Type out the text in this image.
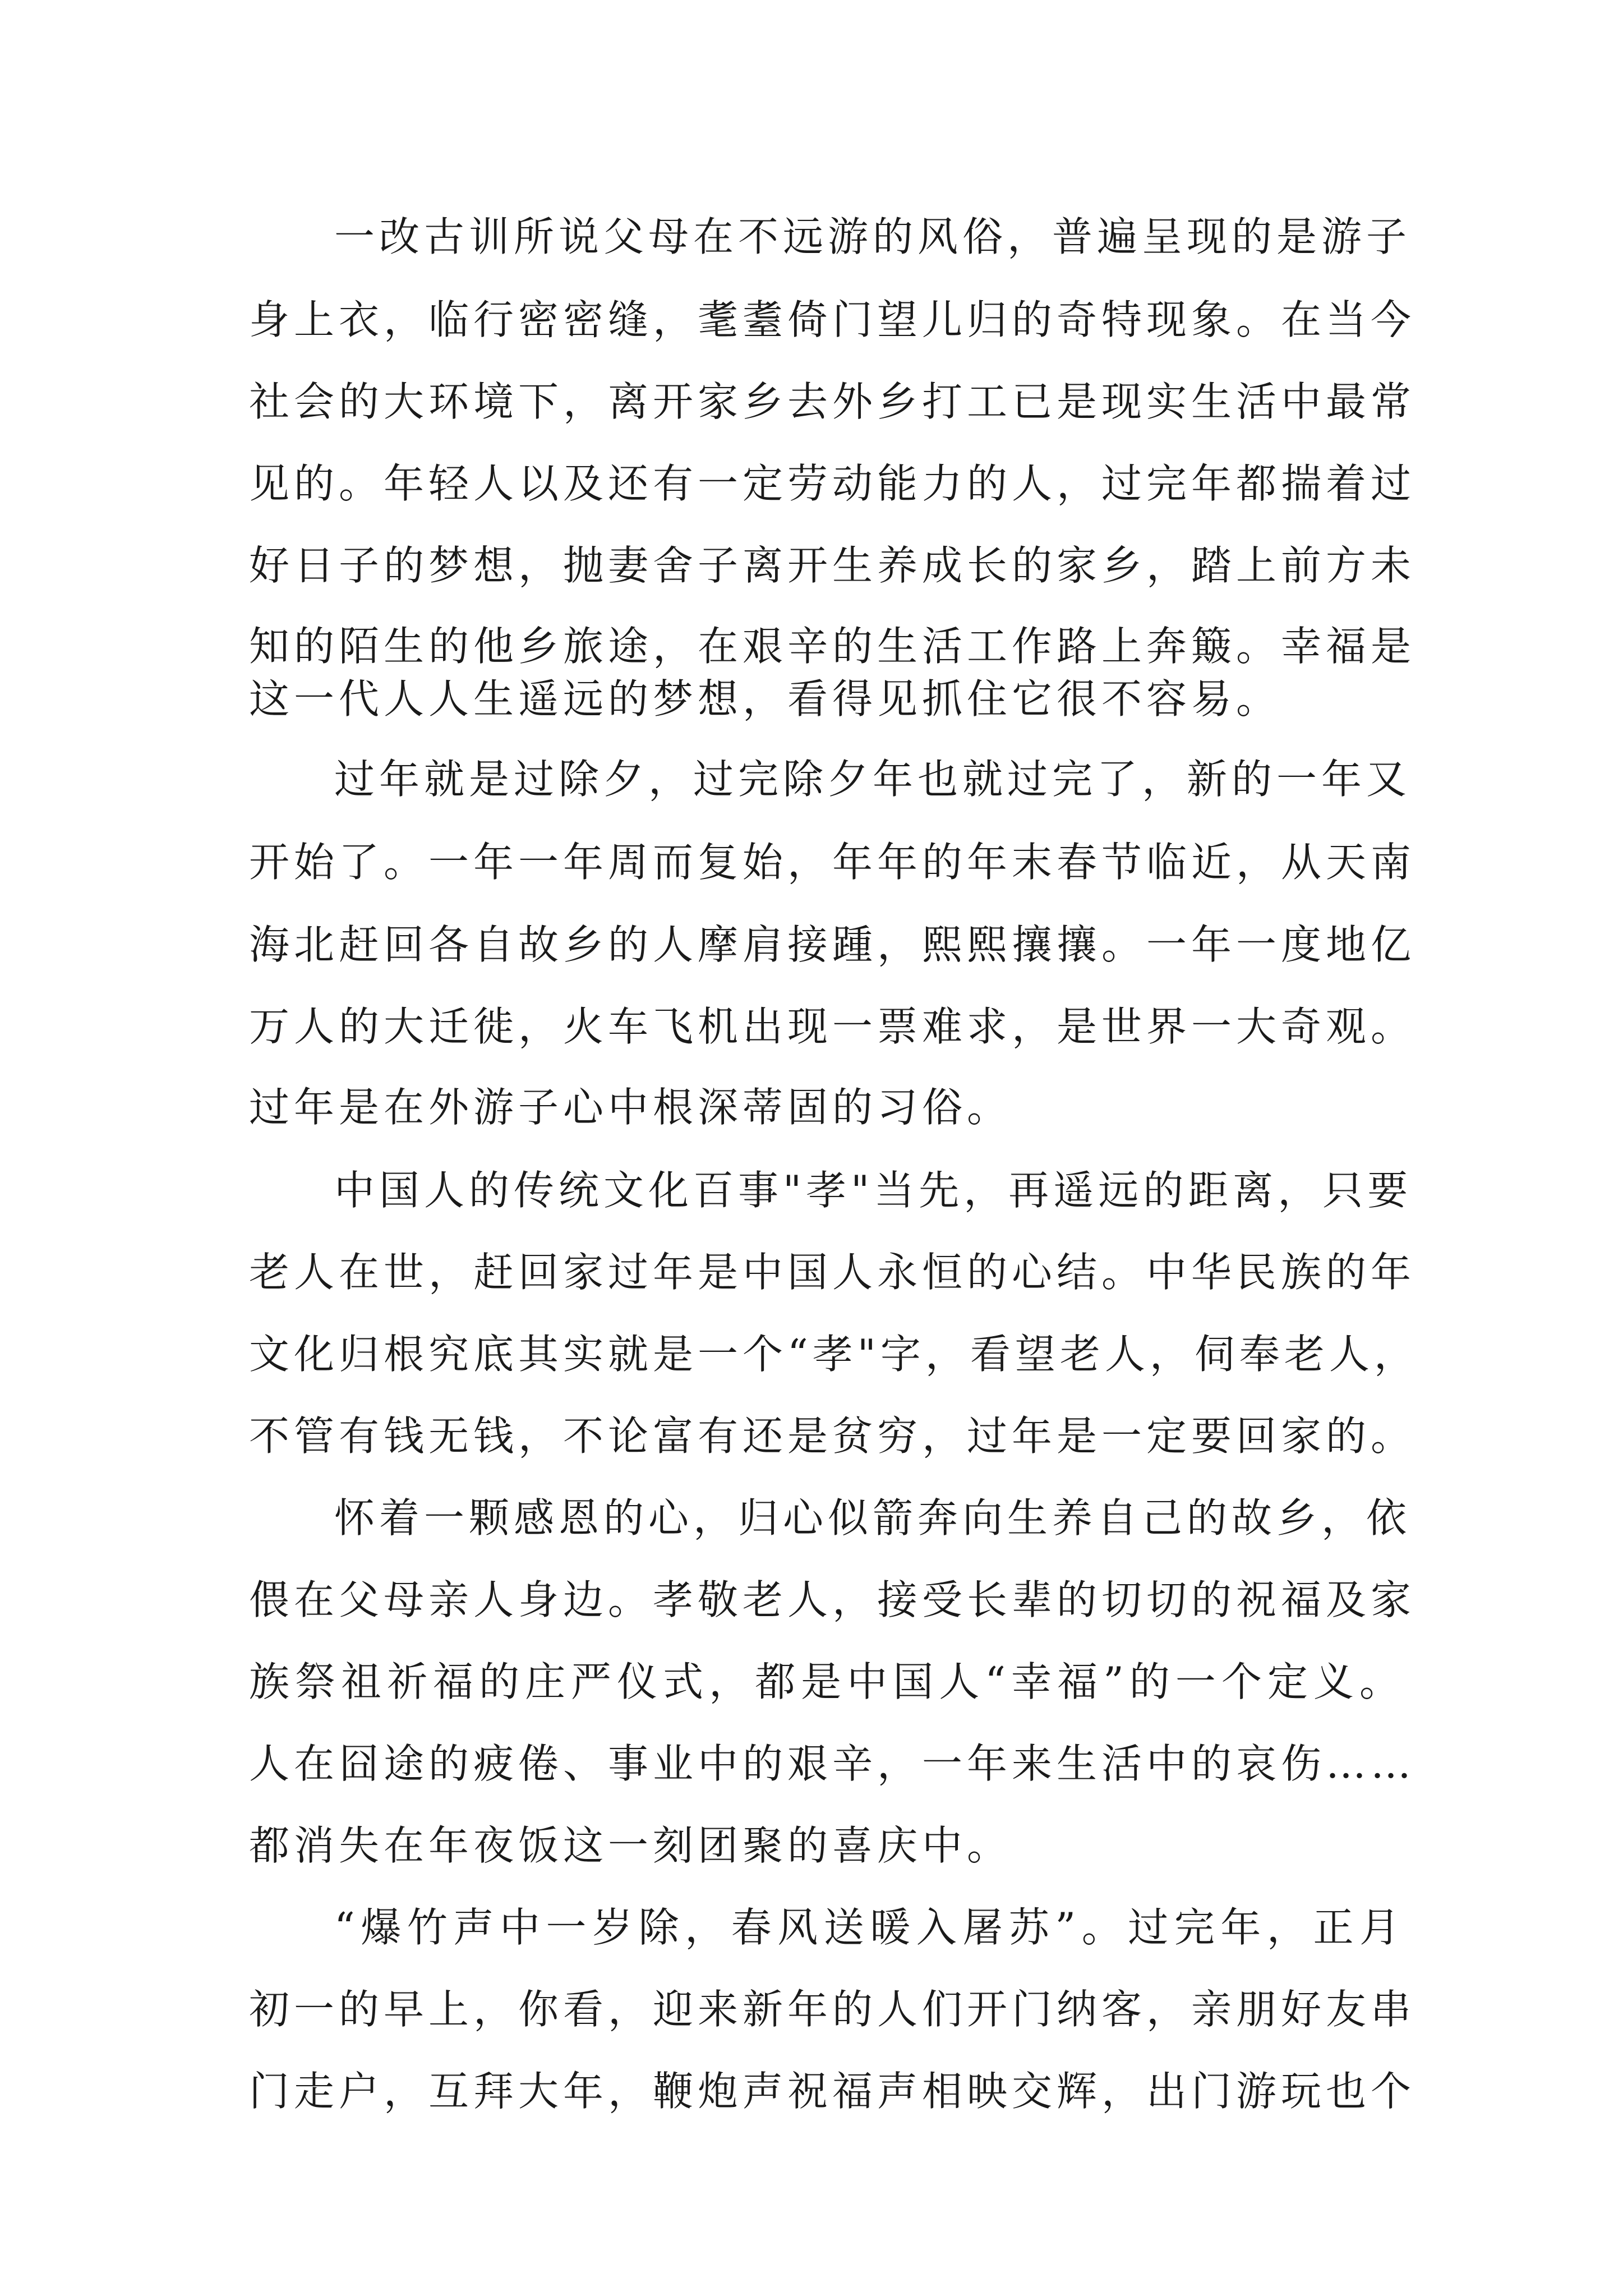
一改古训所说父母在不远游的风俗，普遍呈现的是游子
身上衣，临行密密缝，耄耋倚门望儿归的奇特现象。在当今
社会的大环境下，离开家乡去外乡打工已是现实生活中最常
见的。年轻人以及还有一定劳动能力的人，过完年都揣着过
好日子的梦想，抛妻舍子离开生养成长的家乡，踏上前方未
知的陌生的他乡旅途，在艰辛的生活工作路上奔簸。幸福是
这一代人人生遥远的梦想，看得见抓住它很不容易。
过年就是过除夕，过完除夕年也就过完了，新的一年又
开始了。一年一年周而复始，年年的年末春节临近，从天南
海北赶回各自故乡的人摩肩接踵，熙熙攘攘。一年一度地亿
万人的大迁徙，火车飞机出现一票难求，是世界一大奇观。
过年是在外游子心中根深蒂固的习俗。
中国人的传统文化百事"孝"当先，再遥远的距离，只要
老人在世，赶回家过年是中国人永恒的心结。中华民族的年
文化归根究底其实就是一个“孝"字，看望老人，伺奉老人，
不管有钱无钱，不论富有还是贫穷，过年是一定要回家的。
怀着一颗感恩的心，归心似箭奔向生养自己的故乡，依
偎在父母亲人身边。孝敬老人，接受长辈的切切的祝福及家
族祭祖祈福的庄严仪式，都是中国人“幸福”的一个定义。
人在囧途的疲倦、事业中的艰辛，一年来生活中的哀伤……
都消失在年夜饭这一刻团聚的喜庆中。
“爆竹声中一岁除，春风送暖入屠苏”。过完年，正月
初一的早上，你看，迎来新年的人们开门纳客，亲朋好友串
门走户，互拜大年，鞭炮声祝福声相映交辉，出门游玩也个
